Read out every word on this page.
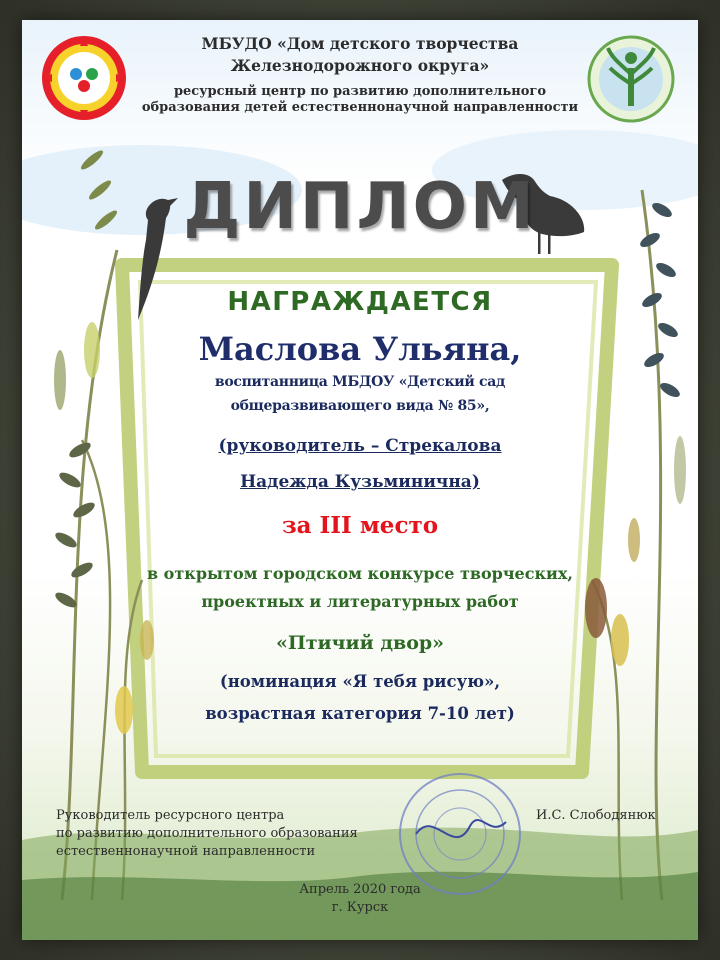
МБУДО «Дом детского творчества
Железнодорожного округа»
ресурсный центр по развитию дополнительного
образования детей естественнонаучной направленности
ДИПЛОМ
НАГРАЖДАЕТСЯ
Маслова Ульяна,
воспитанница МБДОУ «Детский сад
общеразвивающего вида № 85»,
(руководитель – Стрекалова
Надежда Кузьминична)
за III место
в открытом городском конкурсе творческих,
проектных и литературных работ
«Птичий двор»
(номинация «Я тебя рисую»,
возрастная категория 7-10 лет)
Руководитель ресурсного центра
по развитию дополнительного образования
естественнонаучной направленности
И.С. Слободянюк
Апрель 2020 года
г. Курск
